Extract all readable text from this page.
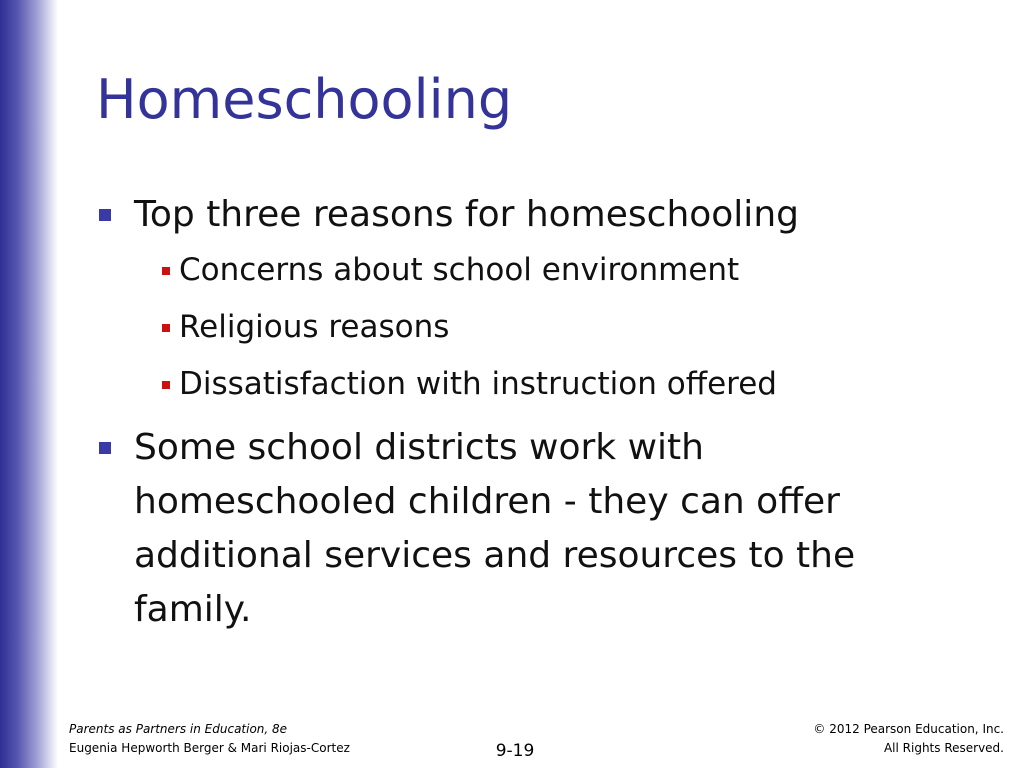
Homeschooling
Top three reasons for homeschooling
Concerns about school environment
Religious reasons
Dissatisfaction with instruction offered
Some school districts work with homeschooled children - they can offer additional services and resources to the family.
Parents as Partners in Education, 8e
Eugenia Hepworth Berger & Mari Riojas-Cortez	9-19
© 2012 Pearson Education, Inc.
All Rights Reserved.
